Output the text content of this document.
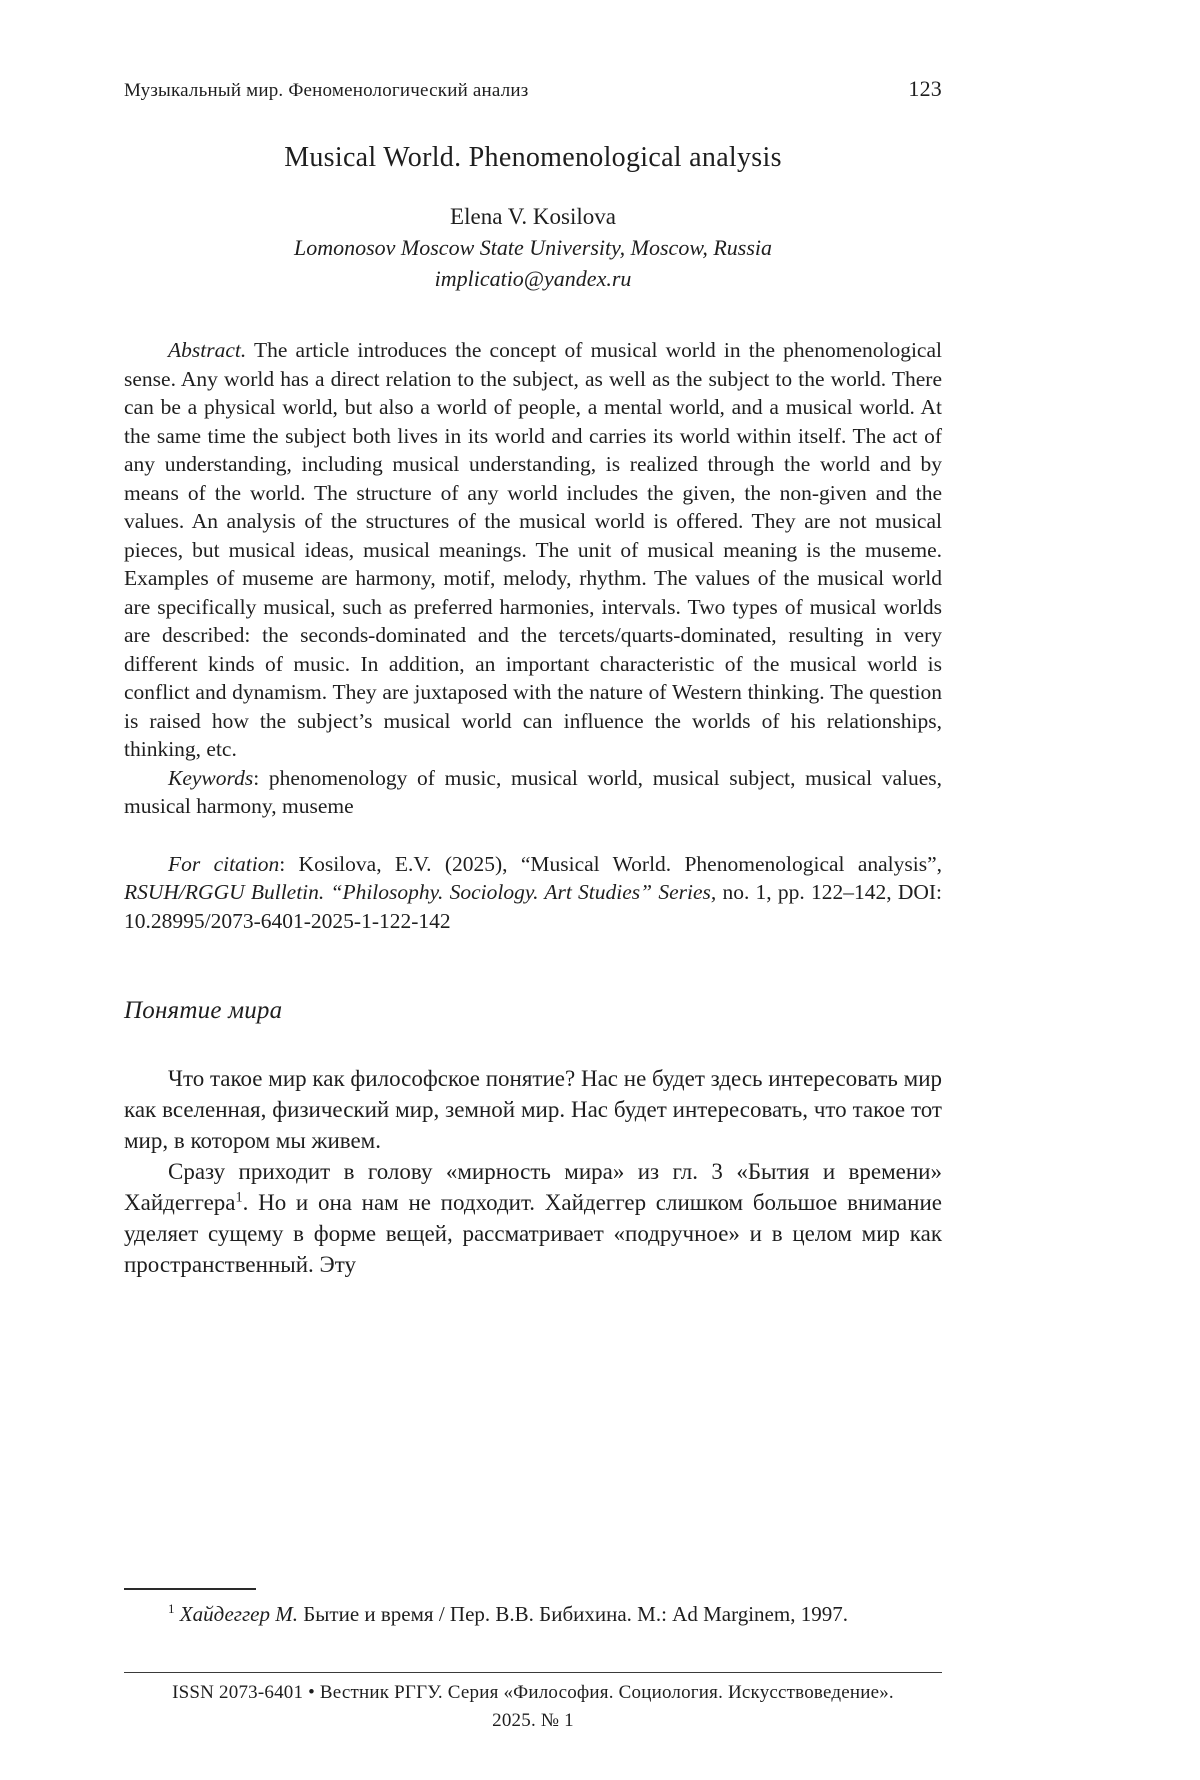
Музыкальный мир. Феноменологический анализ	123
Musical World. Phenomenological analysis
Elena V. Kosilova
Lomonosov Moscow State University, Moscow, Russia
implicatio@yandex.ru

Abstract. The article introduces the concept of musical world in the phenomenological sense. Any world has a direct relation to the subject, as well as the subject to the world. There can be a physical world, but also a world of people, a mental world, and a musical world. At the same time the subject both lives in its world and carries its world within itself. The act of any understanding, including musical understanding, is realized through the world and by means of the world. The structure of any world includes the given, the non-given and the values. An analysis of the structures of the musical world is offered. They are not musical pieces, but musical ideas, musical meanings. The unit of musical meaning is the museme. Examples of museme are harmony, motif, melody, rhythm. The values of the musical world are specifically musical, such as preferred harmonies, intervals. Two types of musical worlds are described: the seconds-dominated and the tercets/quarts-dominated, resulting in very different kinds of music. In addition, an important characteristic of the musical world is conflict and dynamism. They are juxtaposed with the nature of Western thinking. The question is raised how the subject’s musical world can influence the worlds of his relationships, thinking, etc.

Keywords: phenomenology of music, musical world, musical subject, musical values, musical harmony, museme

For citation: Kosilova, E.V. (2025), “Musical World. Phenomenological analysis”, RSUH/RGGU Bulletin. “Philosophy. Sociology. Art Studies” Series, no. 1, pp. 122–142, DOI: 10.28995/2073-6401-2025-1-122-142

Понятие мира

Что такое мир как философское понятие? Нас не будет здесь интересовать мир как вселенная, физический мир, земной мир. Нас будет интересовать, что такое тот мир, в котором мы живем.

Сразу приходит в голову «мирность мира» из гл. 3 «Бытия и времени» Хайдеггера$^1$. Но и она нам не подходит. Хайдеггер слишком большое внимание уделяет сущему в форме вещей, рассматривает «подручное» и в целом мир как пространственный. Эту

$^1$ Хайдеггер М. Бытие и время / Пер. В.В. Бибихина. М.: Ad Marginem, 1997.

ISSN 2073-6401 • Вестник РГГУ. Серия «Философия. Социология. Искусствоведение».
2025. № 1
